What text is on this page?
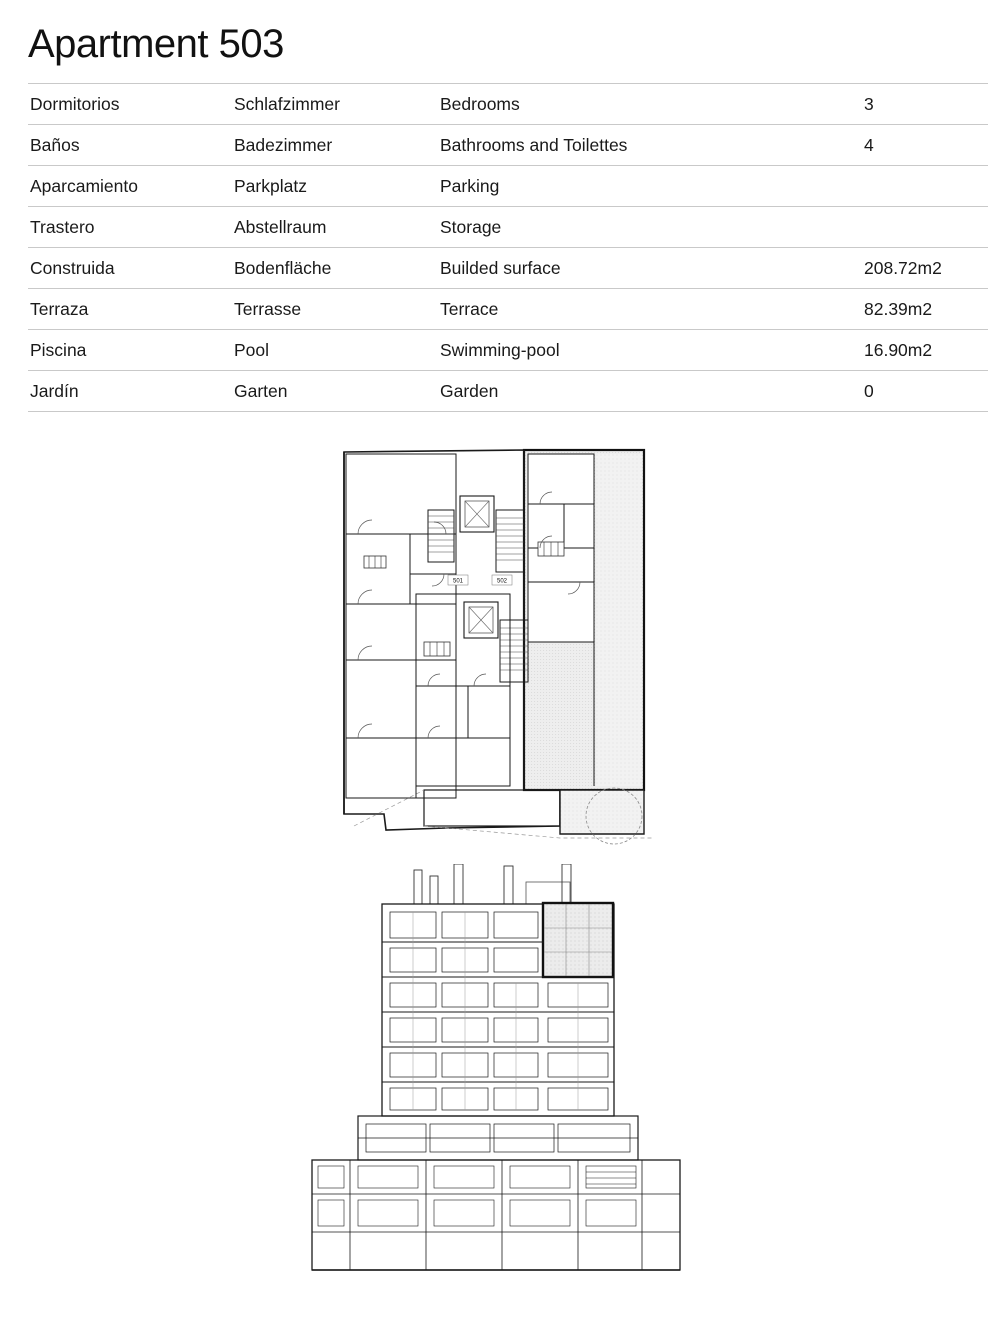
Apartment 503
Dormitorios	Schlafzimmer	Bedrooms	3
Baños	Badezimmer	Bathrooms and Toilettes	4
Aparcamiento	Parkplatz	Parking	
Trastero	Abstellraum	Storage	
Construida	Bodenfläche	Builded surface	208.72m2
Terraza	Terrasse	Terrace	82.39m2
Piscina	Pool	Swimming-pool	16.90m2
Jardín	Garten	Garden	0
501	502
